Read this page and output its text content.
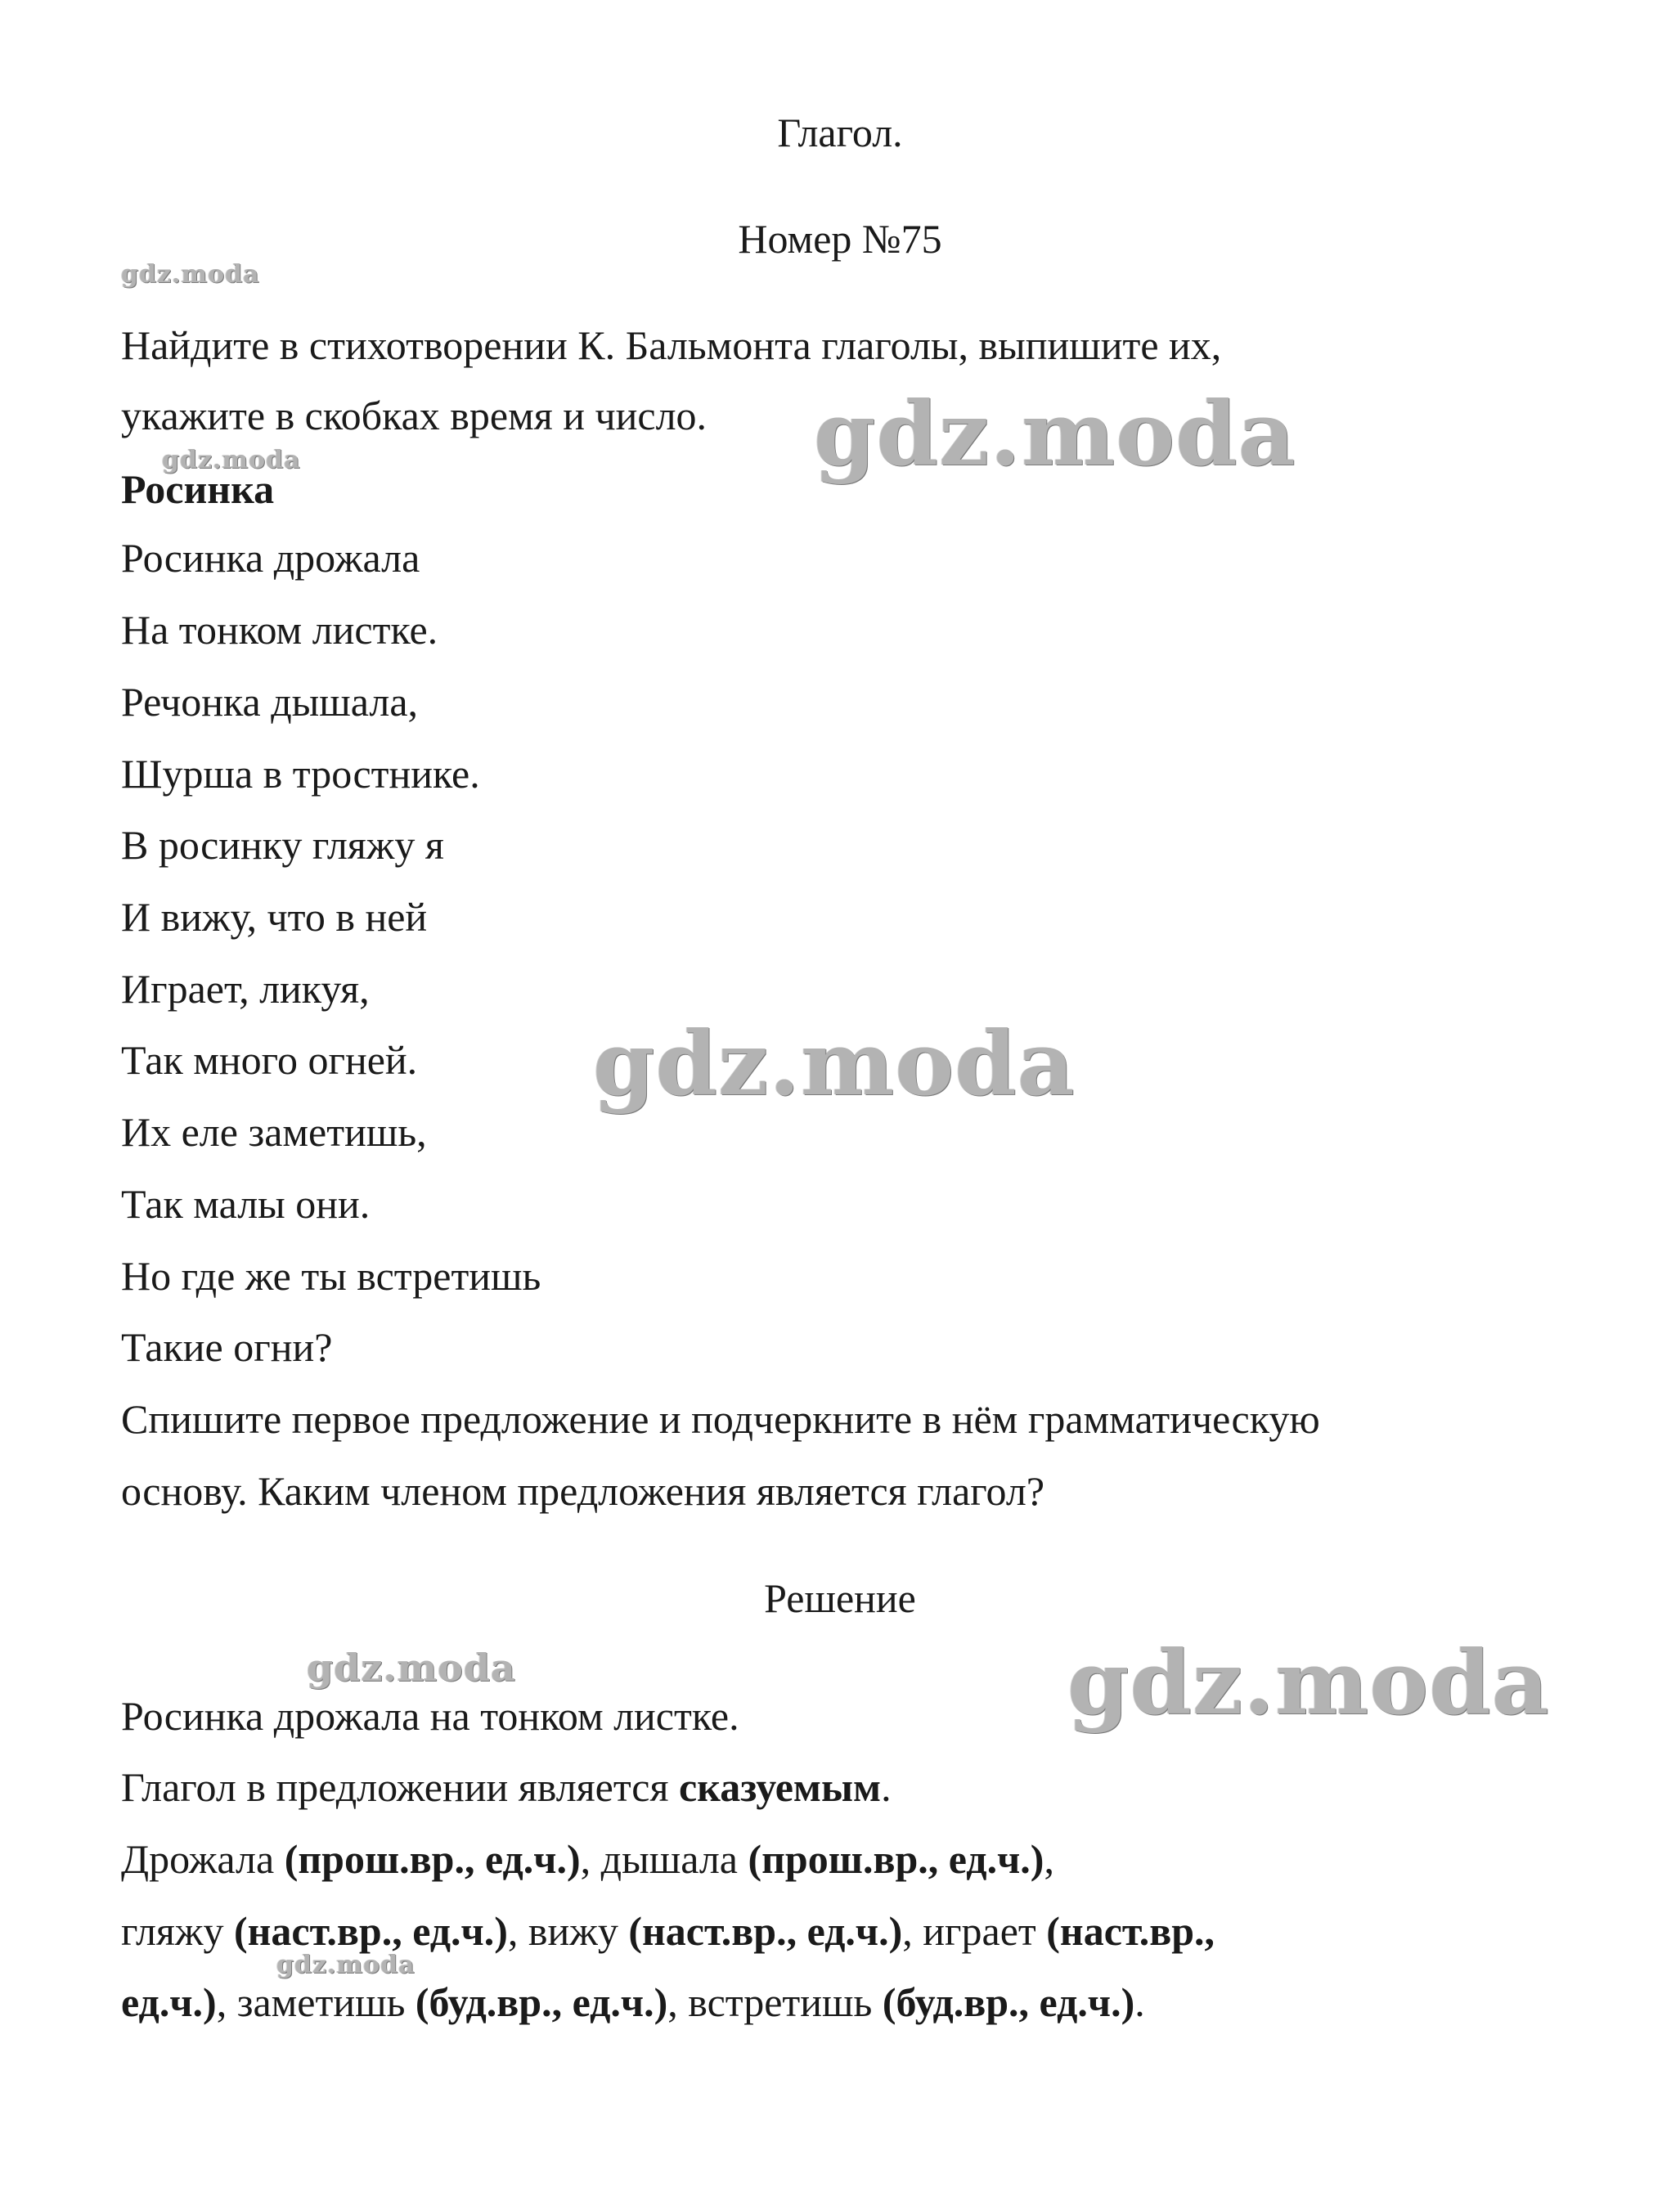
Глагол.
Номер №75
Найдите в стихотворении К. Бальмонта глаголы, выпишите их,
укажите в скобках время и число.
Росинка
Росинка дрожала
На тонком листке.
Речонка дышала,
Шурша в тростнике.
В росинку гляжу я
И вижу, что в ней
Играет, ликуя,
Так много огней.
Их еле заметишь,
Так малы они.
Но где же ты встретишь
Такие огни?
Спишите первое предложение и подчеркните в нём грамматическую
основу. Каким членом предложения является глагол?
Решение
Росинка дрожала на тонком листке.
Глагол в предложении является сказуемым.
Дрожала (прош.вр., ед.ч.), дышала (прош.вр., ед.ч.),
гляжу (наст.вр., ед.ч.), вижу (наст.вр., ед.ч.), играет (наст.вр.,
ед.ч.), заметишь (буд.вр., ед.ч.), встретишь (буд.вр., ед.ч.).
gdz.moda
gdz.moda
gdz.moda
gdz.moda
gdz.moda	gdz.moda
gdz.moda
